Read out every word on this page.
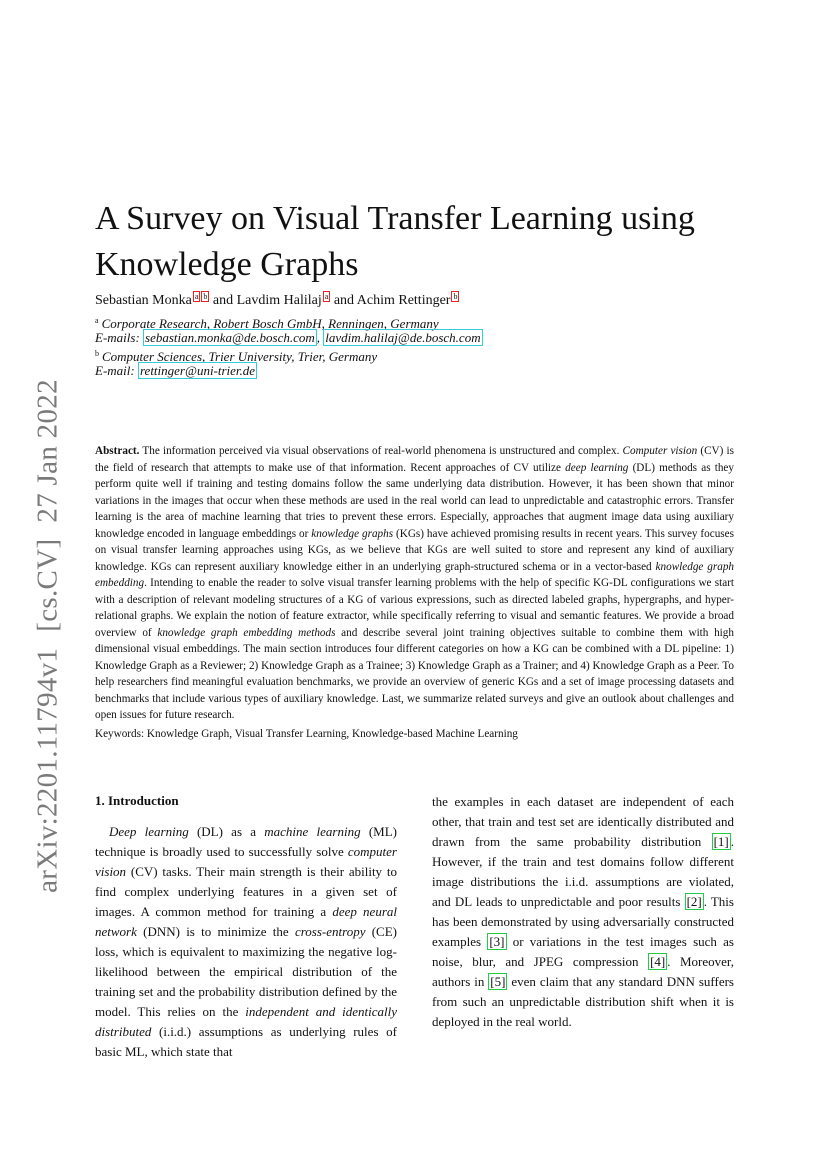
arXiv:2201.11794v1[cs.CV]27 Jan 2022
A Survey on Visual Transfer Learning using
Knowledge Graphs
Sebastian Monka a b and Lavdim Halilaj a and Achim Rettinger b
$^a$ Corporate Research, Robert Bosch GmbH, Renningen, Germany
E-mails: sebastian.monka@de.bosch.com , lavdim.halilaj@de.bosch.com
$^b$ Computer Sciences, Trier University, Trier, Germany
E-mail: rettinger@uni-trier.de
Abstract. The information perceived via visual observations of real-world phenomena is unstructured and complex. Computer vision (CV) is the field of research that attempts to make use of that information. Recent approaches of CV utilize deep learning (DL) methods as they perform quite well if training and testing domains follow the same underlying data distribution. However, it has been shown that minor variations in the images that occur when these methods are used in the real world can lead to unpredictable and catastrophic errors. Transfer learning is the area of machine learning that tries to prevent these errors. Especially, approaches that augment image data using auxiliary knowledge encoded in language embeddings or knowledge graphs (KGs) have achieved promising results in recent years. This survey focuses on visual transfer learning approaches using KGs, as we believe that KGs are well suited to store and represent any kind of auxiliary knowledge. KGs can represent auxiliary knowledge either in an underlying graph-structured schema or in a vector-based knowledge graph embedding. Intending to enable the reader to solve visual transfer learning problems with the help of specific KG-DL configurations we start with a description of relevant modeling structures of a KG of various expressions, such as directed labeled graphs, hypergraphs, and hyper-relational graphs. We explain the notion of feature extractor, while specifically referring to visual and semantic features. We provide a broad overview of knowledge graph embedding methods and describe several joint training objectives suitable to combine them with high dimensional visual embeddings. The main section introduces four different categories on how a KG can be combined with a DL pipeline: 1) Knowledge Graph as a Reviewer; 2) Knowledge Graph as a Trainee; 3) Knowledge Graph as a Trainer; and 4) Knowledge Graph as a Peer. To help researchers find meaningful evaluation benchmarks, we provide an overview of generic KGs and a set of image processing datasets and benchmarks that include various types of auxiliary knowledge. Last, we summarize related surveys and give an outlook about challenges and open issues for future research.
Keywords: Knowledge Graph, Visual Transfer Learning, Knowledge-based Machine Learning
1. Introduction

Deep learning (DL) as a machine learning (ML) technique is broadly used to successfully solve computer vision (CV) tasks. Their main strength is their ability to find complex underlying features in a given set of images. A common method for training a deep neural network (DNN) is to minimize the cross-entropy (CE) loss, which is equivalent to maximizing the negative log-likelihood between the empirical distribution of the training set and the probability distribution defined by the model. This relies on the independent and identically distributed (i.i.d.) assumptions as underlying rules of basic ML, which state that

the examples in each dataset are independent of each other, that train and test set are identically distributed and drawn from the same probability distribution [1] . However, if the train and test domains follow different image distributions the i.i.d. assumptions are violated, and DL leads to unpredictable and poor results [2] . This has been demonstrated by using adversarially constructed examples [3] or variations in the test images such as noise, blur, and JPEG compression [4] . Moreover, authors in [5] even claim that any standard DNN suffers from such an unpredictable distribution shift when it is deployed in the real world.
